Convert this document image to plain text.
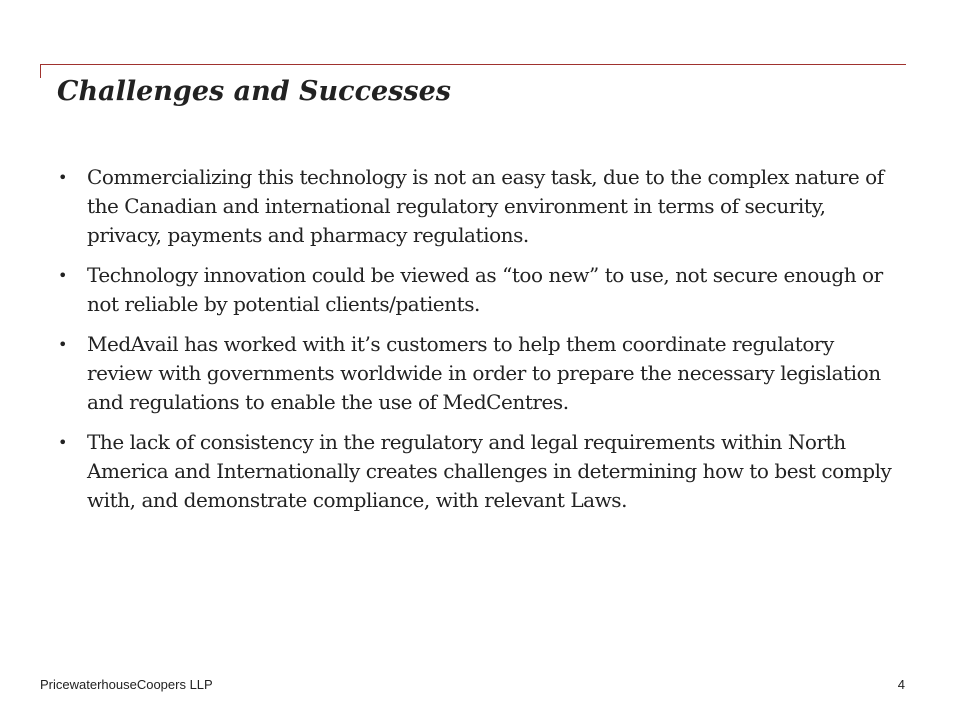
Challenges and Successes
• Commercializing this technology is not an easy task, due to the complex nature of the Canadian and international regulatory environment in terms of security, privacy, payments and pharmacy regulations.
• Technology innovation could be viewed as “too new” to use, not secure enough or not reliable by potential clients/patients.
• MedAvail has worked with it’s customers to help them coordinate regulatory review with governments worldwide in order to prepare the necessary legislation and regulations to enable the use of MedCentres.
• The lack of consistency in the regulatory and legal requirements within North America and Internationally creates challenges in determining how to best comply with, and demonstrate compliance, with relevant Laws.
PricewaterhouseCoopers LLP	4
